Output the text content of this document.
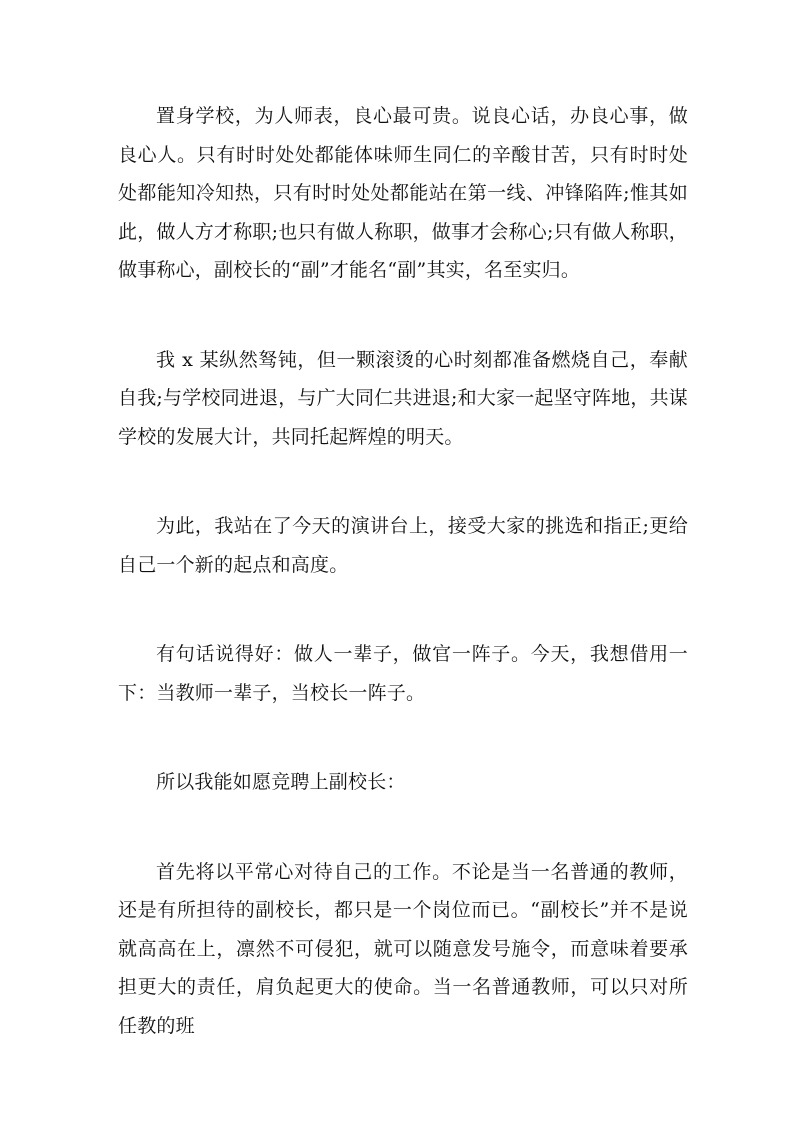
置身学校，为人师表，良心最可贵。说良心话，办良心事，做良心人。只有时时处处都能体味师生同仁的辛酸甘苦，只有时时处处都能知冷知热，只有时时处处都能站在第一线、冲锋陷阵;惟其如此，做人方才称职;也只有做人称职，做事才会称心;只有做人称职，做事称心，副校长的“副”才能名“副”其实，名至实归。

我 x 某纵然驽钝，但一颗滚烫的心时刻都准备燃烧自己，奉献自我;与学校同进退，与广大同仁共进退;和大家一起坚守阵地，共谋学校的发展大计，共同托起辉煌的明天。

为此，我站在了今天的演讲台上，接受大家的挑选和指正;更给自己一个新的起点和高度。

有句话说得好：做人一辈子，做官一阵子。今天，我想借用一下：当教师一辈子，当校长一阵子。

所以我能如愿竞聘上副校长：

首先将以平常心对待自己的工作。不论是当一名普通的教师，还是有所担待的副校长，都只是一个岗位而已。“副校长”并不是说就高高在上，凛然不可侵犯，就可以随意发号施令，而意味着要承担更大的责任，肩负起更大的使命。当一名普通教师，可以只对所任教的班
